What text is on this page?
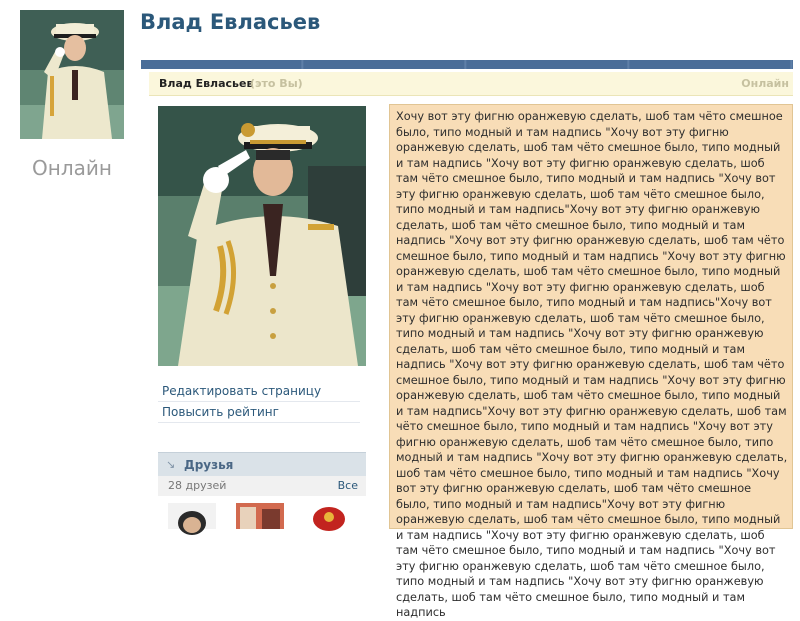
Онлайн
Влад Евласьев
Влад Евласьев
(это Вы)	Онлайн
Редактировать страницу
Повысить рейтинг
↘ Друзья
28 друзей	Все
Хочу вот эту фигню оранжевую сделать, шоб там чёто смешное было, типо модный и там надпись "Хочу вот эту фигню оранжевую сделать, шоб там чёто смешное было, типо модный и там надпись "Хочу вот эту фигню оранжевую сделать, шоб там чёто смешное было, типо модный и там надпись "Хочу вот эту фигню оранжевую сделать, шоб там чёто смешное было, типо модный и там надпись"Хочу вот эту фигню оранжевую сделать, шоб там чёто смешное было, типо модный и там надпись "Хочу вот эту фигню оранжевую сделать, шоб там чёто смешное было, типо модный и там надпись "Хочу вот эту фигню оранжевую сделать, шоб там чёто смешное было, типо модный и там надпись "Хочу вот эту фигню оранжевую сделать, шоб там чёто смешное было, типо модный и там надпись"Хочу вот эту фигню оранжевую сделать, шоб там чёто смешное было, типо модный и там надпись "Хочу вот эту фигню оранжевую сделать, шоб там чёто смешное было, типо модный и там надпись "Хочу вот эту фигню оранжевую сделать, шоб там чёто смешное было, типо модный и там надпись "Хочу вот эту фигню оранжевую сделать, шоб там чёто смешное было, типо модный и там надпись"Хочу вот эту фигню оранжевую сделать, шоб там чёто смешное было, типо модный и там надпись "Хочу вот эту фигню оранжевую сделать, шоб там чёто смешное было, типо модный и там надпись "Хочу вот эту фигню оранжевую сделать, шоб там чёто смешное было, типо модный и там надпись "Хочу вот эту фигню оранжевую сделать, шоб там чёто смешное было, типо модный и там надпись"Хочу вот эту фигню оранжевую сделать, шоб там чёто смешное было, типо модный и там надпись "Хочу вот эту фигню оранжевую сделать, шоб там чёто смешное было, типо модный и там надпись "Хочу вот эту фигню оранжевую сделать, шоб там чёто смешное было, типо модный и там надпись "Хочу вот эту фигню оранжевую сделать, шоб там чёто смешное было, типо модный и там надпись
